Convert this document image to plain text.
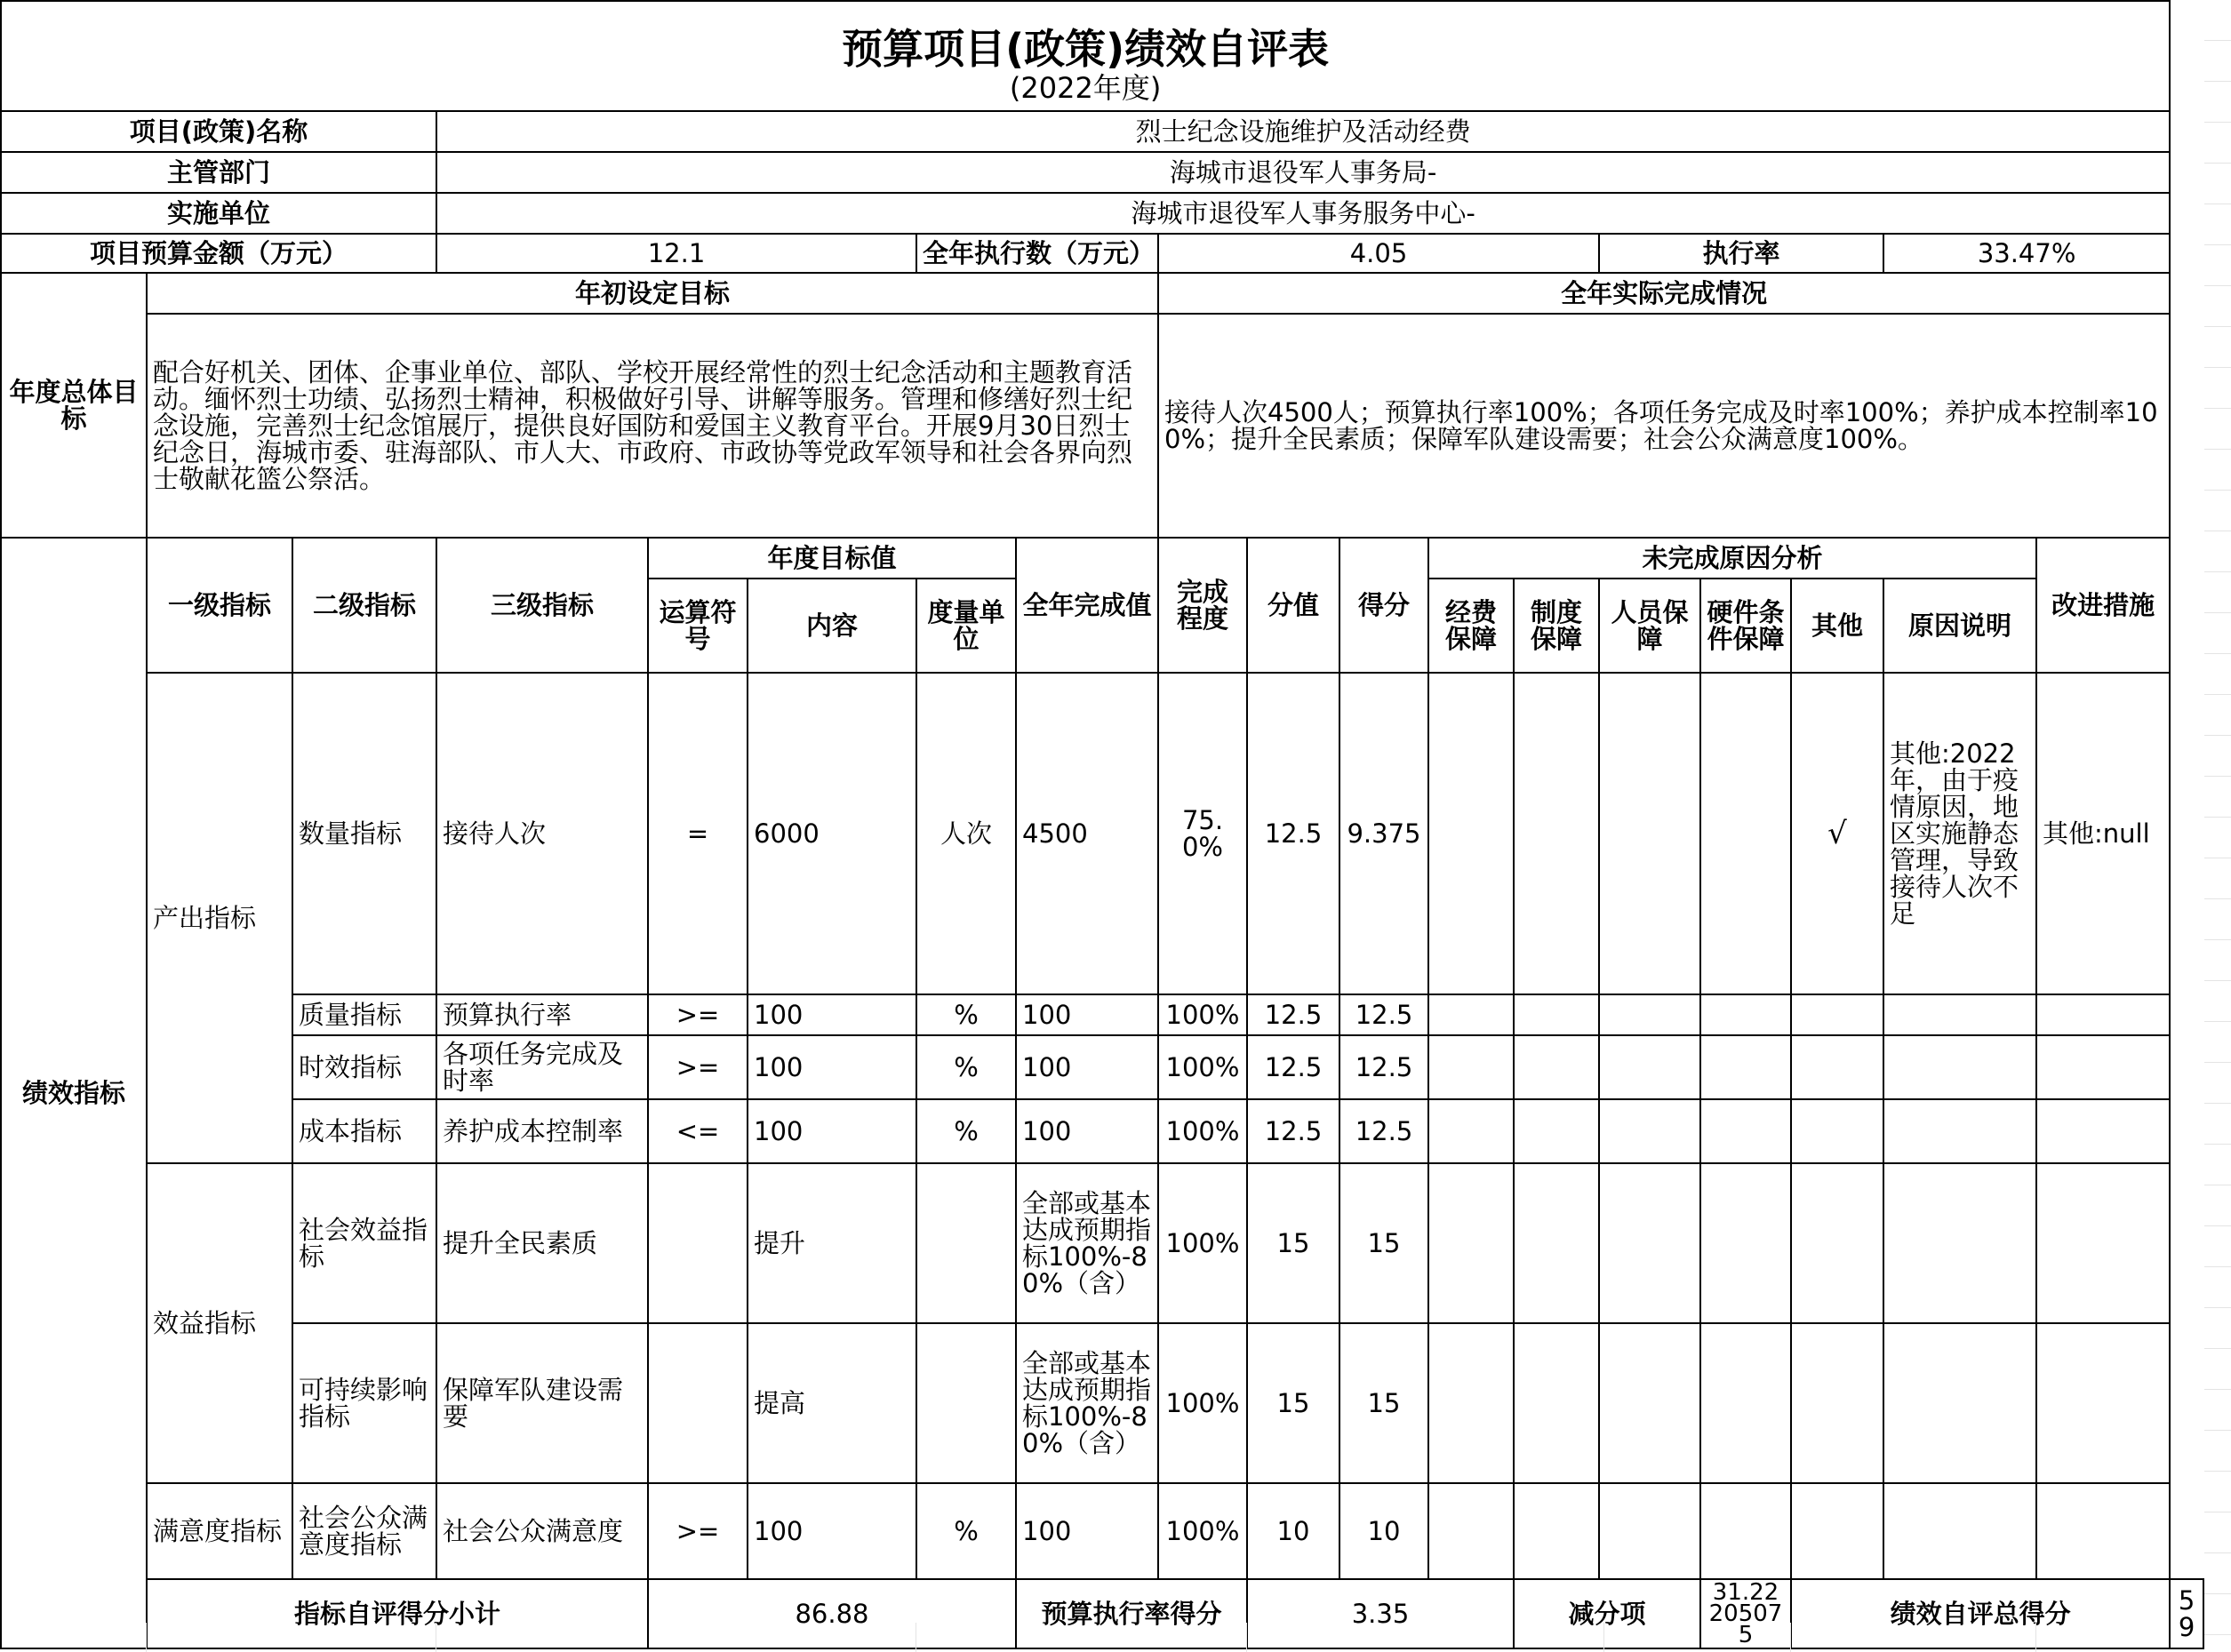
预算项目(政策)绩效自评表
(2022年度)																		

项目(政策)名称			烈士纪念设施维护及活动经费															
主管部门			海城市退役军人事务局-															
实施单位			海城市退役军人事务服务中心-															
项目预算金额（万元）			12.1			全年执行数（万元）		4.05					执行率			33.47%		
年度总体目标	年初设定目标							全年实际完成情况										
	配合好机关、团体、企事业单位、部队、学校开展经常性的烈士纪念活动和主题教育活动。缅怀烈士功绩、弘扬烈士精神，积极做好引导、讲解等服务。管理和修缮好烈士纪念设施，完善烈士纪念馆展厅，提供良好国防和爱国主义教育平台。开展9月30日烈士纪念日，海城市委、驻海部队、市人大、市政府、市政协等党政军领导和社会各界向烈士敬献花篮公祭活。							接待人次4500人；预算执行率100%；各项任务完成及时率100%；养护成本控制率100%；提升全民素质；保障军队建设需要；社会公众满意度100%。										
绩效指标	一级指标	二级指标	三级指标	年度目标值			全年完成值	完成程度	分值	得分	未完成原因分析						改进措施	
				运算符号	内容	度量单位					经费保障	制度保障	人员保障	硬件条件保障	其他	原因说明		
	产出指标	数量指标	接待人次	=	6000	人次	4500	75.0%	12.5	9.375					√	其他:2022年，由于疫情原因，地区实施静态管理，导致接待人次不足	其他:null	
		质量指标	预算执行率	>=	100	%	100	100%	12.5	12.5								
		时效指标	各项任务完成及时率	>=	100	%	100	100%	12.5	12.5								
		成本指标	养护成本控制率	<=	100	%	100	100%	12.5	12.5								
	效益指标	社会效益指标	提升全民素质		提升		全部或基本达成预期指标100%-80%（含）	100%	15	15								
		可持续影响指标	保障军队建设需要		提高		全部或基本达成预期指标100%-80%（含）	100%	15	15								
	满意度指标	社会公众满意度指标	社会公众满意度	>=	100	%	100	100%	10	10								
	指标自评得分小计			86.88			预算执行率得分		3.35			减分项		31.22205075	绩效自评总得分			59
